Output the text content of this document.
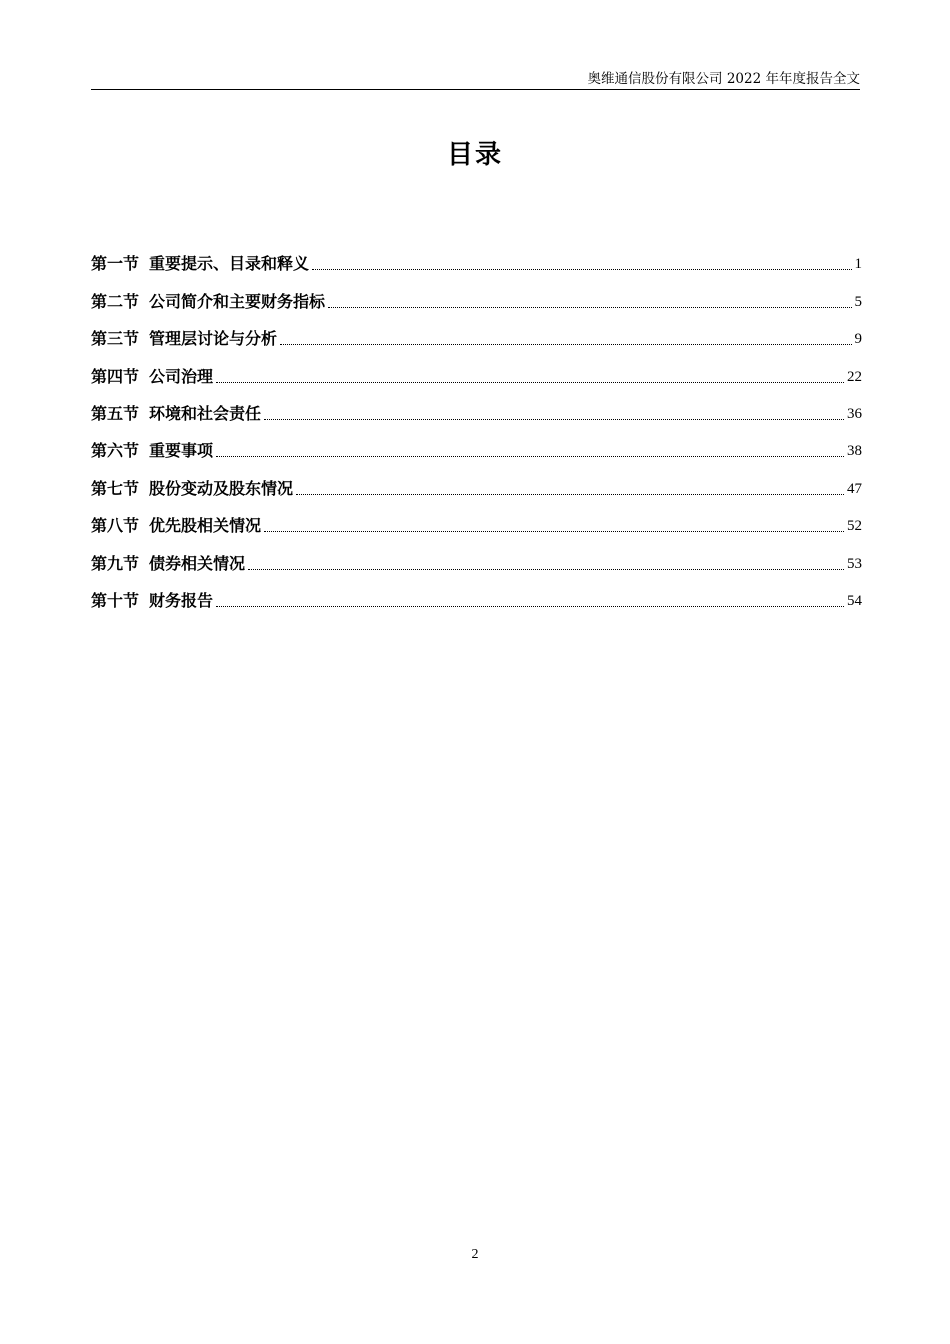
奥维通信股份有限公司 2022 年年度报告全文
目录
第一节 重要提示、目录和释义	1
第二节 公司简介和主要财务指标	5
第三节 管理层讨论与分析	9
第四节 公司治理	22
第五节 环境和社会责任	36
第六节 重要事项	38
第七节 股份变动及股东情况	47
第八节 优先股相关情况	52
第九节 债券相关情况	53
第十节 财务报告	54
2
